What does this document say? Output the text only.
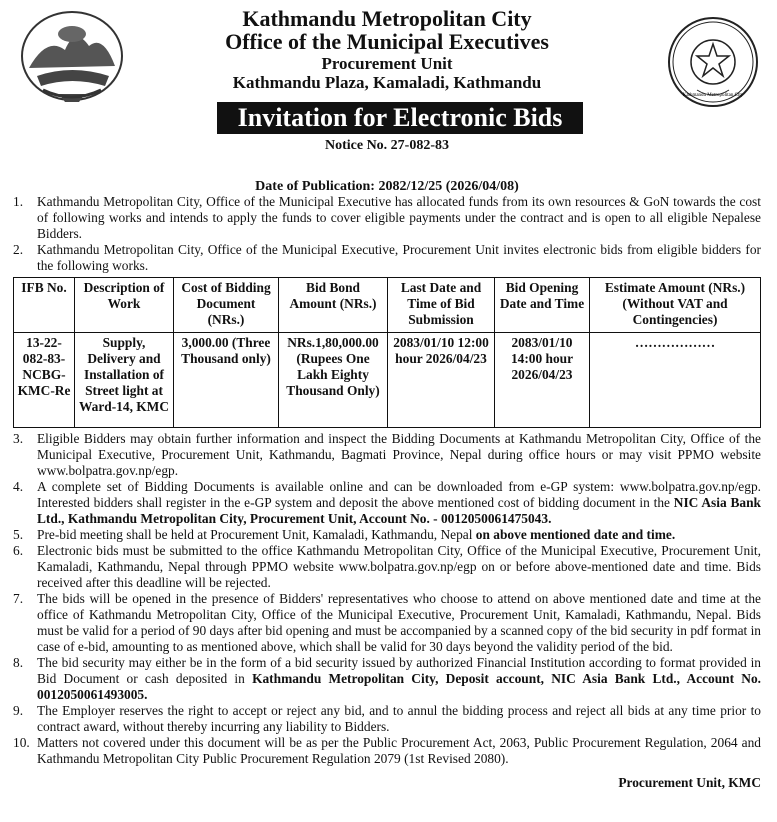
Kathmandu Metropolitan City
Office of the Municipal Executives
Procurement Unit
Kathmandu Plaza, Kamaladi, Kathmandu
Kathmandu Metropolitan City
Invitation for Electronic Bids
Notice No. 27-082-83
Date of Publication: 2082/12/25 (2026/04/08)
1. Kathmandu Metropolitan City, Office of the Municipal Executive has allocated funds from its own resources & GoN towards the cost of following works and intends to apply the funds to cover eligible payments under the contract and is open to all eligible Nepalese Bidders.
2. Kathmandu Metropolitan City, Office of the Municipal Executive, Procurement Unit invites electronic bids from eligible bidders for the following works.
IFB No.	Description of Work	Cost of Bidding Document (NRs.)	Bid Bond Amount (NRs.)	Last Date and Time of Bid Submission	Bid Opening Date and Time	Estimate Amount (NRs.) (Without VAT and Contingencies)
13-22-082-83-NCBG-KMC-Re	Supply, Delivery and Installation of Street light at Ward-14, KMC	3,000.00 (Three Thousand only)	NRs.1,80,000.00 (Rupees One Lakh Eighty Thousand Only)	2083/01/10 12:00 hour 2026/04/23	2083/01/10 14:00 hour 2026/04/23	………………
3. Eligible Bidders may obtain further information and inspect the Bidding Documents at Kathmandu Metropolitan City, Office of the Municipal Executive, Procurement Unit, Kathmandu, Bagmati Province, Nepal during office hours or may visit PPMO website www.bolpatra.gov.np/egp.
4. A complete set of Bidding Documents is available online and can be downloaded from e-GP system: www.bolpatra.gov.np/egp. Interested bidders shall register in the e-GP system and deposit the above mentioned cost of bidding document in the NIC Asia Bank Ltd., Kathmandu Metropolitan City, Procurement Unit, Account No. - 0012050061475043.
5. Pre-bid meeting shall be held at Procurement Unit, Kamaladi, Kathmandu, Nepal on above mentioned date and time.
6. Electronic bids must be submitted to the office Kathmandu Metropolitan City, Office of the Municipal Executive, Procurement Unit, Kamaladi, Kathmandu, Nepal through PPMO website www.bolpatra.gov.np/egp on or before above-mentioned date and time. Bids received after this deadline will be rejected.
7. The bids will be opened in the presence of Bidders' representatives who choose to attend on above mentioned date and time at the office of Kathmandu Metropolitan City, Office of the Municipal Executive, Procurement Unit, Kamaladi, Kathmandu, Nepal. Bids must be valid for a period of 90 days after bid opening and must be accompanied by a scanned copy of the bid security in pdf format in case of e-bid, amounting to as mentioned above, which shall be valid for 30 days beyond the validity period of the bid.
8. The bid security may either be in the form of a bid security issued by authorized Financial Institution according to format provided in Bid Document or cash deposited in Kathmandu Metropolitan City, Deposit account, NIC Asia Bank Ltd., Account No. 0012050061493005.
9. The Employer reserves the right to accept or reject any bid, and to annul the bidding process and reject all bids at any time prior to contract award, without thereby incurring any liability to Bidders.
10. Matters not covered under this document will be as per the Public Procurement Act, 2063, Public Procurement Regulation, 2064 and Kathmandu Metropolitan City Public Procurement Regulation 2079 (1st Revised 2080).
Procurement Unit, KMC
